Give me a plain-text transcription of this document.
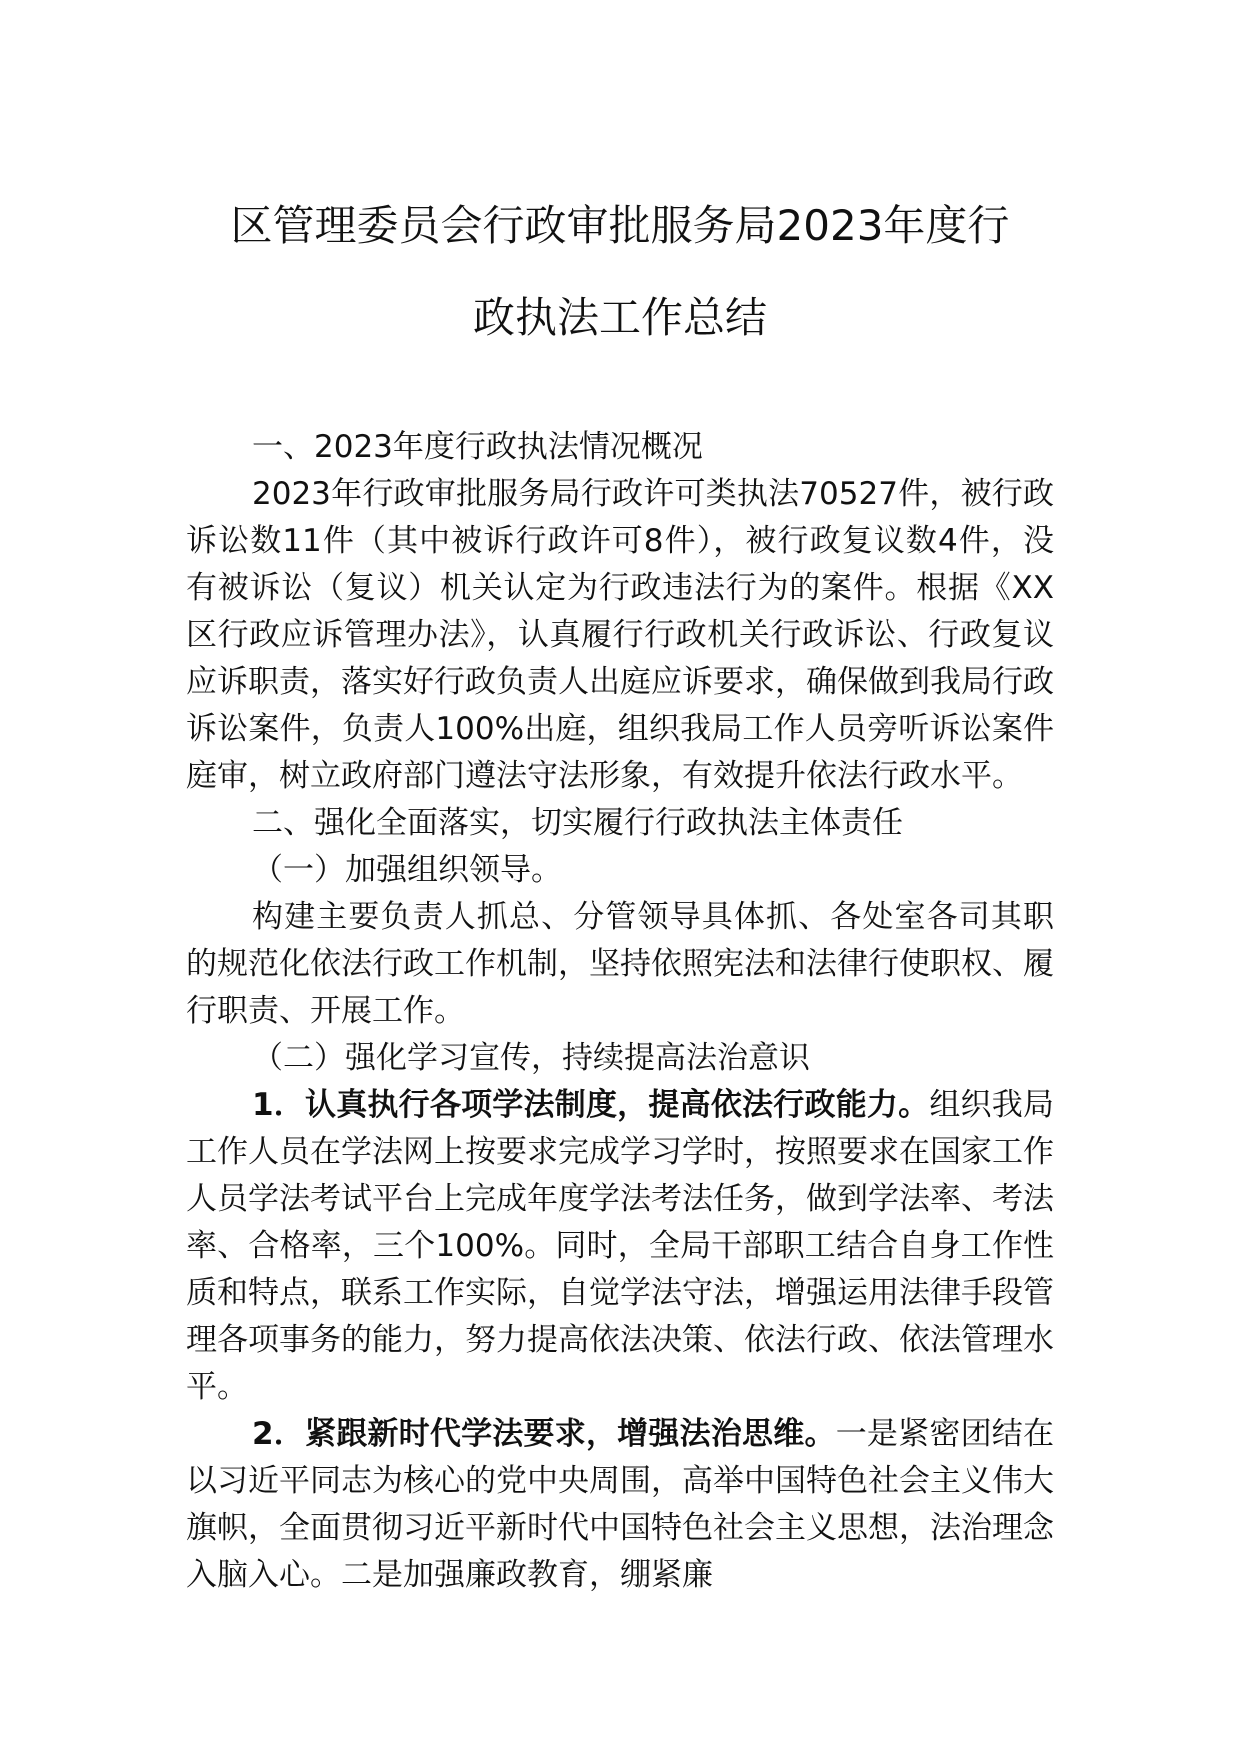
区管理委员会行政审批服务局2023年度行
政执法工作总结

一、2023年度行政执法情况概况

2023年行政审批服务局行政许可类执法70527件，被行政诉讼数11件（其中被诉行政许可8件），被行政复议数4件，没有被诉讼（复议）机关认定为行政违法行为的案件。根据《XX区行政应诉管理办法》，认真履行行政机关行政诉讼、行政复议应诉职责，落实好行政负责人出庭应诉要求，确保做到我局行政诉讼案件，负责人100%出庭，组织我局工作人员旁听诉讼案件庭审，树立政府部门遵法守法形象，有效提升依法行政水平。

二、强化全面落实，切实履行行政执法主体责任

（一）加强组织领导。

构建主要负责人抓总、分管领导具体抓、各处室各司其职的规范化依法行政工作机制，坚持依照宪法和法律行使职权、履行职责、开展工作。

（二）强化学习宣传，持续提高法治意识

1．认真执行各项学法制度，提高依法行政能力。组织我局工作人员在学法网上按要求完成学习学时，按照要求在国家工作人员学法考试平台上完成年度学法考法任务，做到学法率、考法率、合格率，三个100%。同时，全局干部职工结合自身工作性质和特点，联系工作实际，自觉学法守法，增强运用法律手段管理各项事务的能力，努力提高依法决策、依法行政、依法管理水平。

2．紧跟新时代学法要求，增强法治思维。一是紧密团结在以习近平同志为核心的党中央周围，高举中国特色社会主义伟大旗帜，全面贯彻习近平新时代中国特色社会主义思想，法治理念入脑入心。二是加强廉政教育，绷紧廉
